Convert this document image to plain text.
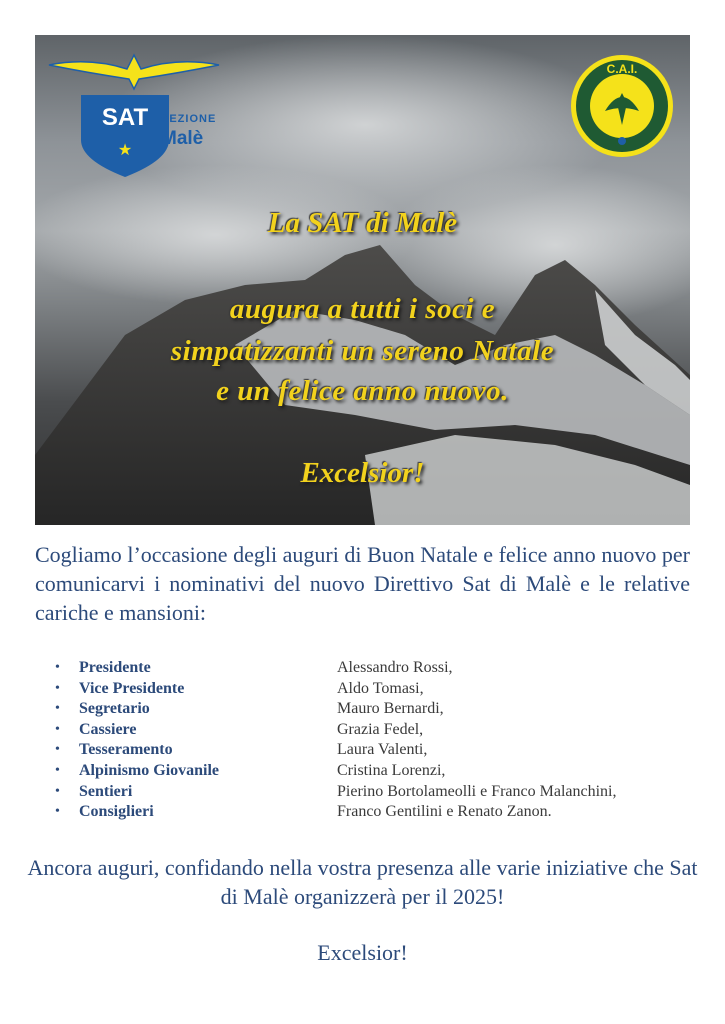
SAT
★
SEZIONE
Malè
C.A.I.
La SAT di Malè
augura a tutti i soci e
simpatizzanti un sereno Natale
e un felice anno nuovo.
Excelsior!
Cogliamo l’occasione degli auguri di Buon Natale e felice anno nuovo per comunicarvi i nominativi del nuovo Direttivo Sat di Malè e le relative cariche e mansioni:
• Presidente	Alessandro Rossi,
• Vice Presidente	Aldo Tomasi,
• Segretario	Mauro Bernardi,
• Cassiere	Grazia Fedel,
• Tesseramento	Laura Valenti,
• Alpinismo Giovanile	Cristina Lorenzi,
• Sentieri	Pierino Bortolameolli e Franco Malanchini,
• Consiglieri	Franco Gentilini e Renato Zanon.
Ancora auguri, confidando nella vostra presenza alle varie iniziative che Sat di Malè organizzerà per il 2025!
Excelsior!
